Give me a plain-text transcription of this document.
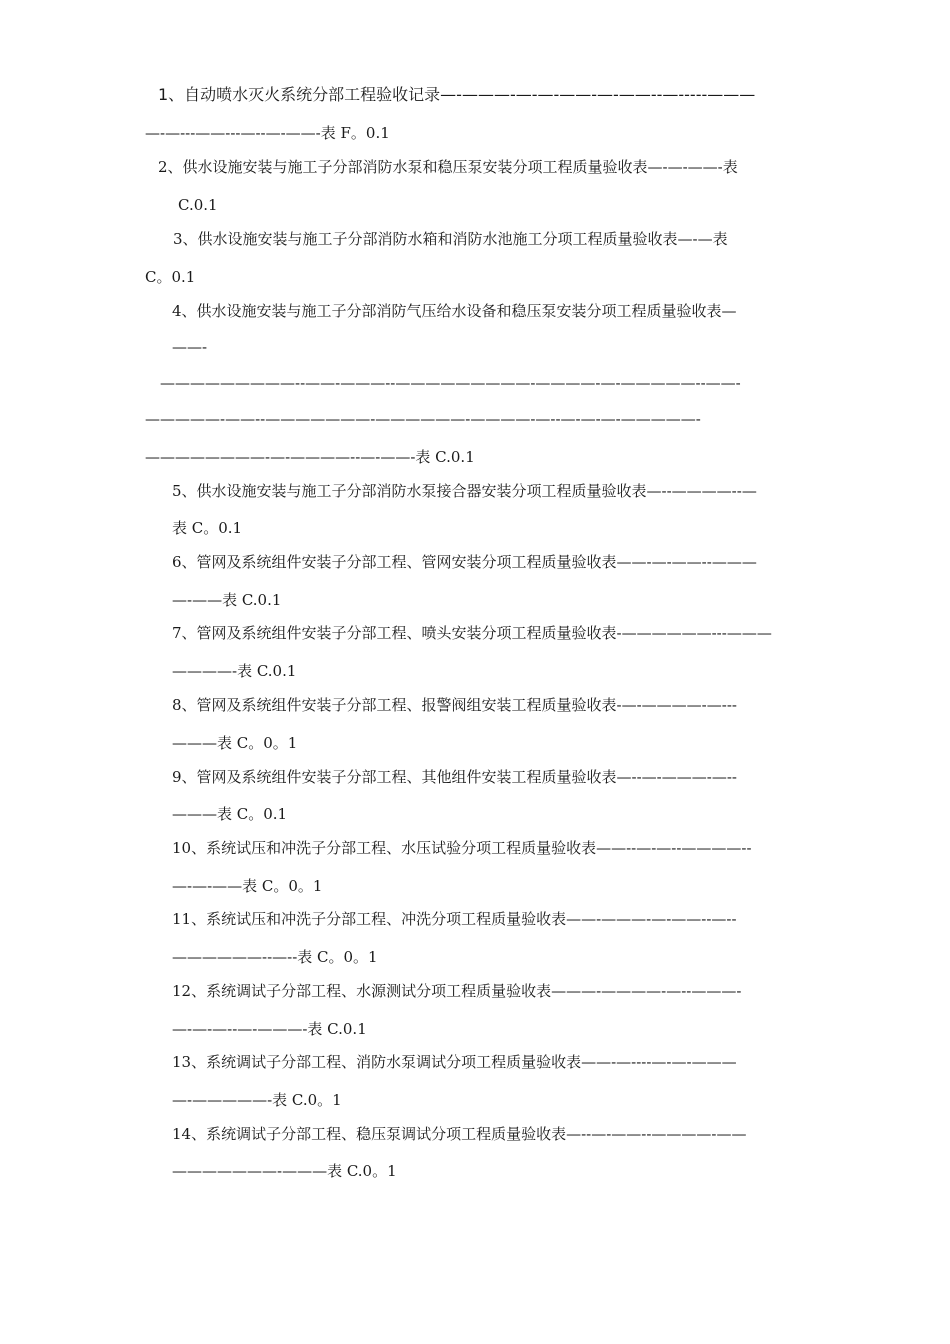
1、自动喷水灭火系统分部工程验收记录—-———-—-—-——-—-——--—-----———
—-—---——---—--—-——-表 F。0.1
2、供水设施安装与施工子分部消防水泵和稳压泵安装分项工程质量验收表—-—-——-表
C.0.1
3、供水设施安装与施工子分部消防水箱和消防水池施工分项工程质量验收表—-—表
C。0.1
4、供水设施安装与施工子分部消防气压给水设备和稳压泵安装分项工程质量验收表—
——-
—————————--——-———--—————————-————-—-—————--——-
—————-——--———————-——————-————-—--—-—-—-—————-
————————-—-————--—-——-表 C.0.1
5、供水设施安装与施工子分部消防水泵接合器安装分项工程质量验收表—--————--—
表 C。0.1
6、管网及系统组件安装子分部工程、管网安装分项工程质量验收表——-—-——--———
—-——表 C.0.1
7、管网及系统组件安装子分部工程、喷头安装分项工程质量验收表-——————---———
————-表 C.0.1
8、管网及系统组件安装子分部工程、报警阀组安装工程质量验收表-—-————-—---
———表 C。0。1
9、管网及系统组件安装子分部工程、其他组件安装工程质量验收表—--—-———-—--
———表 C。0.1
10、系统试压和冲洗子分部工程、水压试验分项工程质量验收表——--—-—--————--
—-—-——表 C。0。1
11、系统试压和冲洗子分部工程、冲洗分项工程质量验收表——-———-—-——--—--
——————--—--表 C。0。1
12、系统调试子分部工程、水源测试分项工程质量验收表———-————-—--———-
—-—-—--—-———-表 C.0.1
13、系统调试子分部工程、消防水泵调试分项工程质量验收表——-—----—-—-———
—-—————-表 C.0。1
14、系统调试子分部工程、稳压泵调试分项工程质量验收表—--—-——--————-——
———————-———表 C.0。1
